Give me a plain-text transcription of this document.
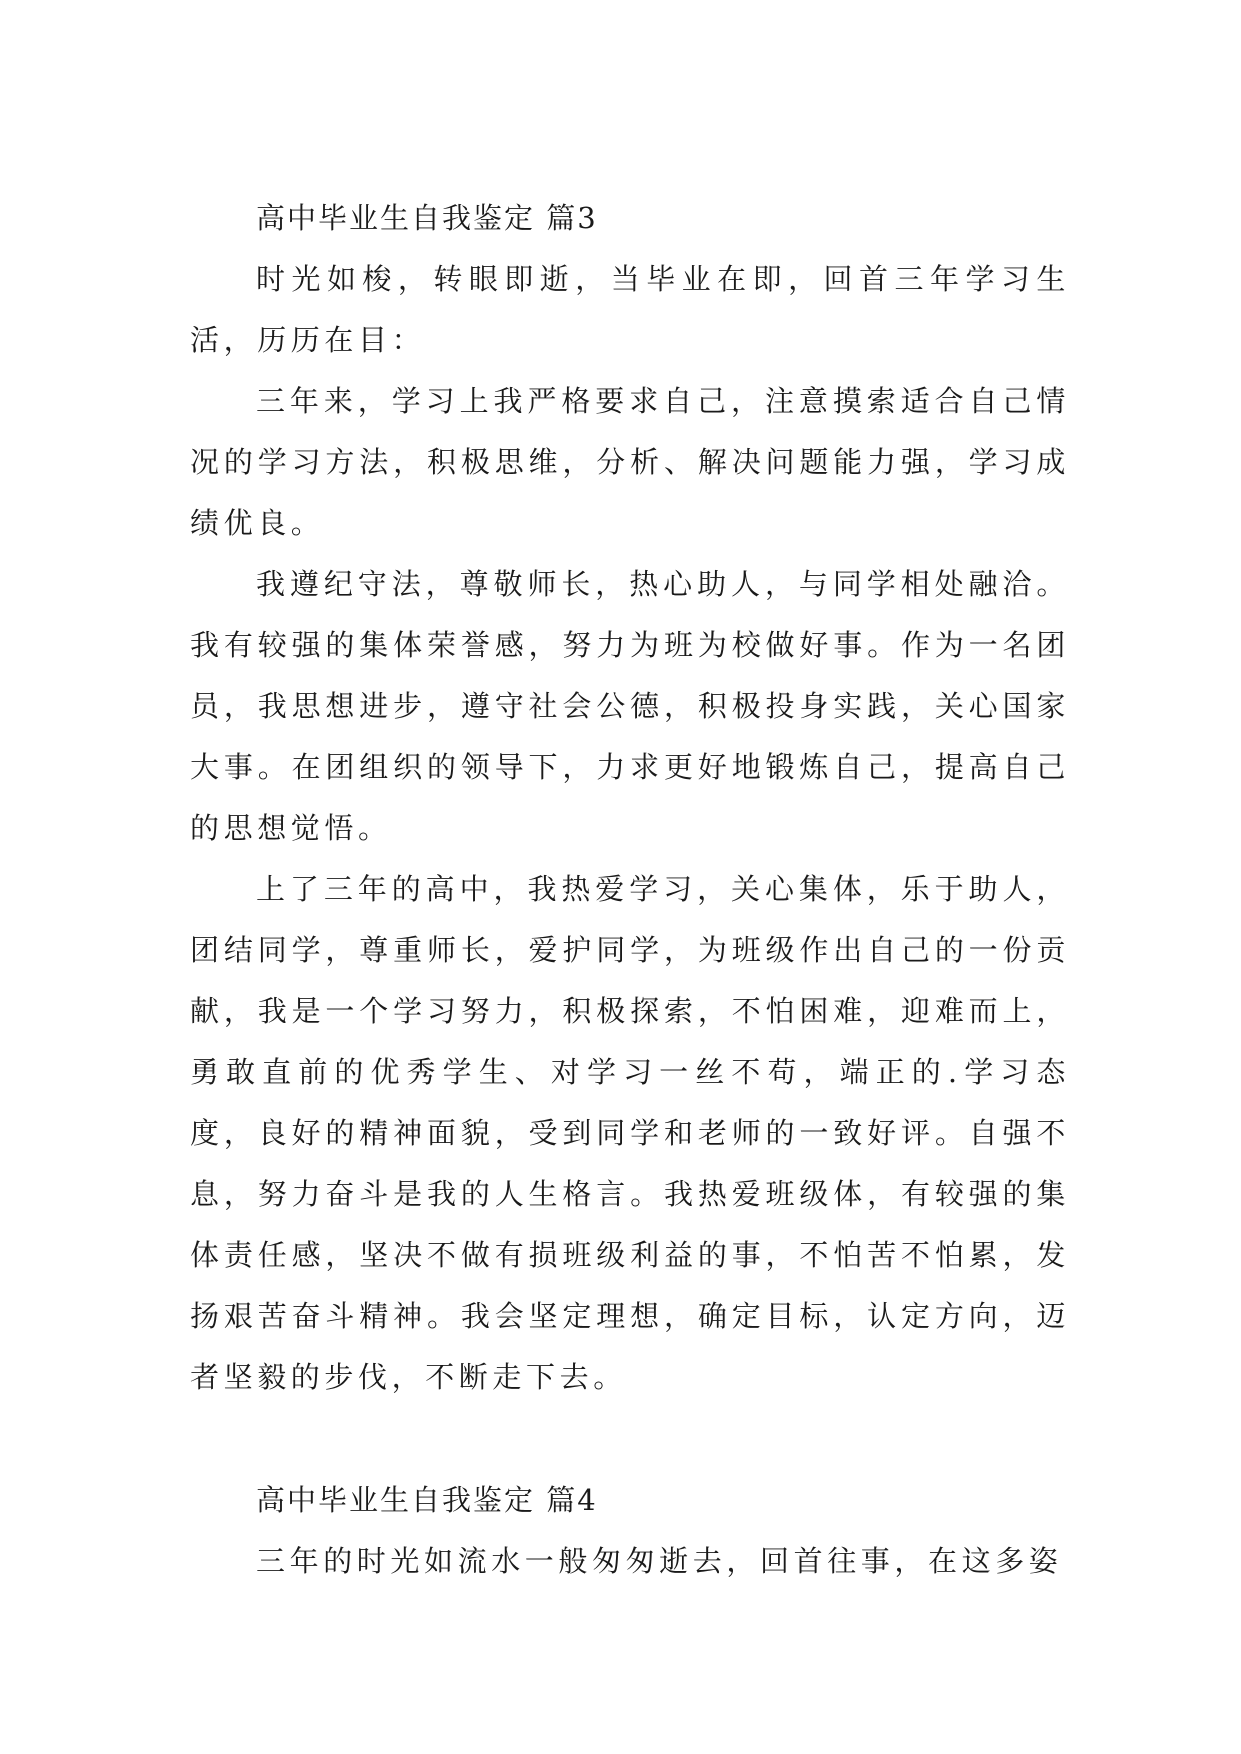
高中毕业生自我鉴定 篇3

时光如梭，转眼即逝，当毕业在即，回首三年学习生活，历历在目：

三年来，学习上我严格要求自己，注意摸索适合自己情况的学习方法，积极思维，分析、解决问题能力强，学习成绩优良。

我遵纪守法，尊敬师长，热心助人，与同学相处融洽。我有较强的集体荣誉感，努力为班为校做好事。作为一名团员，我思想进步，遵守社会公德，积极投身实践，关心国家大事。在团组织的领导下，力求更好地锻炼自己，提高自己的思想觉悟。

上了三年的高中，我热爱学习，关心集体，乐于助人，团结同学，尊重师长，爱护同学，为班级作出自己的一份贡献，我是一个学习努力，积极探索，不怕困难，迎难而上，勇敢直前的优秀学生、对学习一丝不苟，端正的.学习态度，良好的精神面貌，受到同学和老师的一致好评。自强不息，努力奋斗是我的人生格言。我热爱班级体，有较强的集体责任感，坚决不做有损班级利益的事，不怕苦不怕累，发扬艰苦奋斗精神。我会坚定理想，确定目标，认定方向，迈者坚毅的步伐，不断走下去。

高中毕业生自我鉴定 篇4

三年的时光如流水一般匆匆逝去，回首往事，在这多姿
